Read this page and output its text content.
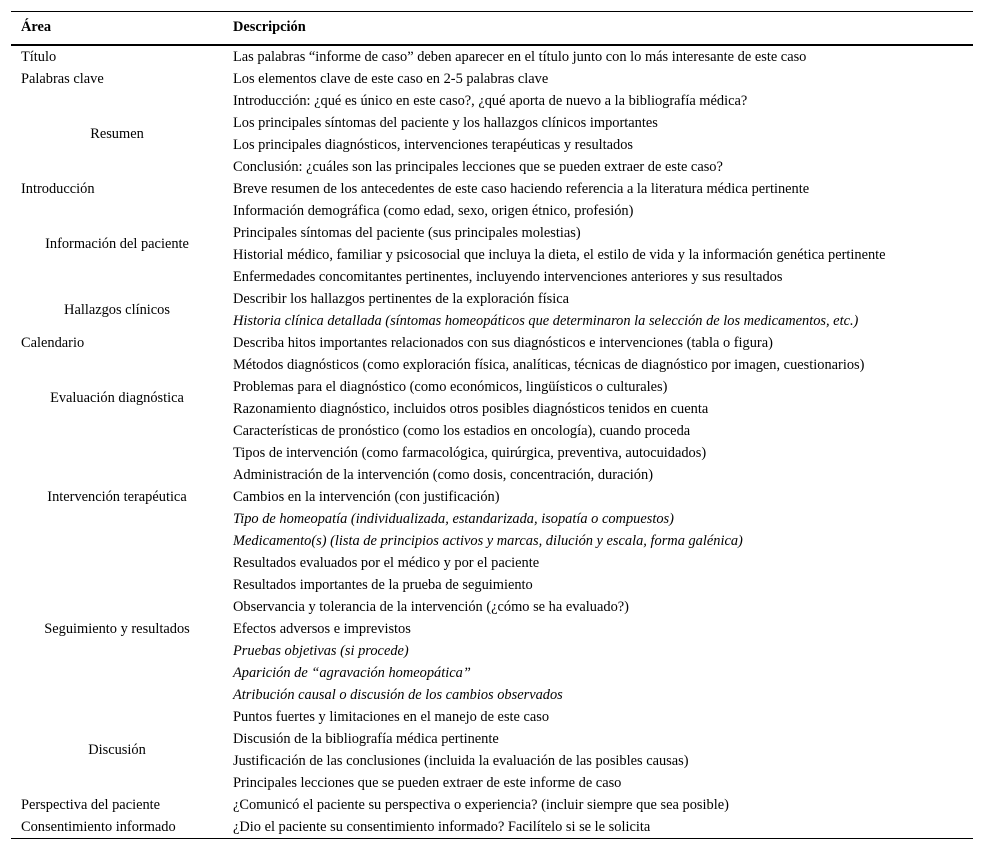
Área	Descripción
Título	Las palabras “informe de caso” deben aparecer en el título junto con lo más interesante de este caso
Palabras clave	Los elementos clave de este caso en 2-5 palabras clave
Resumen	Introducción: ¿qué es único en este caso?, ¿qué aporta de nuevo a la bibliografía médica?
	Los principales síntomas del paciente y los hallazgos clínicos importantes
	Los principales diagnósticos, intervenciones terapéuticas y resultados
	Conclusión: ¿cuáles son las principales lecciones que se pueden extraer de este caso?
Introducción	Breve resumen de los antecedentes de este caso haciendo referencia a la literatura médica pertinente
Información del paciente	Información demográfica (como edad, sexo, origen étnico, profesión)
	Principales síntomas del paciente (sus principales molestias)
	Historial médico, familiar y psicosocial que incluya la dieta, el estilo de vida y la información genética pertinente
	Enfermedades concomitantes pertinentes, incluyendo intervenciones anteriores y sus resultados
Hallazgos clínicos	Describir los hallazgos pertinentes de la exploración física
	Historia clínica detallada (síntomas homeopáticos que determinaron la selección de los medicamentos, etc.)
Calendario	Describa hitos importantes relacionados con sus diagnósticos e intervenciones (tabla o figura)
Evaluación diagnóstica	Métodos diagnósticos (como exploración física, analíticas, técnicas de diagnóstico por imagen, cuestionarios)
	Problemas para el diagnóstico (como económicos, lingüísticos o culturales)
	Razonamiento diagnóstico, incluidos otros posibles diagnósticos tenidos en cuenta
	Características de pronóstico (como los estadios en oncología), cuando proceda
Intervención terapéutica	Tipos de intervención (como farmacológica, quirúrgica, preventiva, autocuidados)
	Administración de la intervención (como dosis, concentración, duración)
	Cambios en la intervención (con justificación)
	Tipo de homeopatía (individualizada, estandarizada, isopatía o compuestos)
	Medicamento(s) (lista de principios activos y marcas, dilución y escala, forma galénica)
Seguimiento y resultados	Resultados evaluados por el médico y por el paciente
	Resultados importantes de la prueba de seguimiento
	Observancia y tolerancia de la intervención (¿cómo se ha evaluado?)
	Efectos adversos e imprevistos
	Pruebas objetivas (si procede)
	Aparición de “agravación homeopática”
	Atribución causal o discusión de los cambios observados
Discusión	Puntos fuertes y limitaciones en el manejo de este caso
	Discusión de la bibliografía médica pertinente
	Justificación de las conclusiones (incluida la evaluación de las posibles causas)
	Principales lecciones que se pueden extraer de este informe de caso
Perspectiva del paciente	¿Comunicó el paciente su perspectiva o experiencia? (incluir siempre que sea posible)
Consentimiento informado	¿Dio el paciente su consentimiento informado? Facilítelo si se le solicita
